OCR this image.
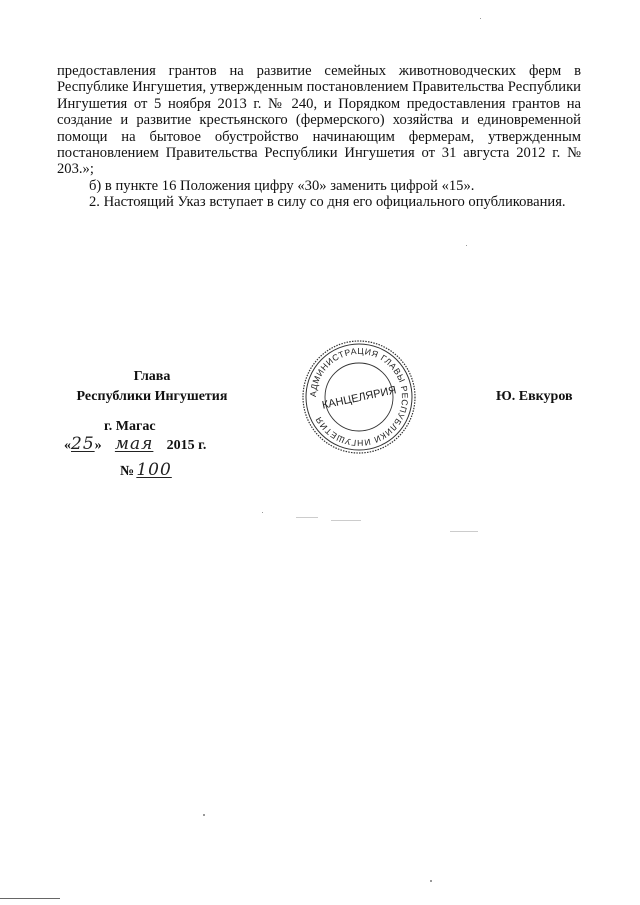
предоставления грантов на развитие семейных животноводческих ферм в Республике Ингушетия, утвержденным постановлением Правительства Республики Ингушетия от 5 ноября 2013 г. № 240, и Порядком предоставления грантов на создание и развитие крестьянского (фермерского) хозяйства и единовременной помощи на бытовое обустройство начинающим фермерам, утвержденным постановлением Правительства Республики Ингушетия от 31 августа 2012 г. № 203.»;

б) в пункте 16 Положения цифру «30» заменить цифрой «15».

2. Настоящий Указ вступает в силу со дня его официального опубликования.

Глава
Республики Ингушетия	Ю. Евкуров
АДМИНИСТРАЦИЯ ГЛАВЫ РЕСПУБЛИКИ ИНГУШЕТИЯ
КАНЦЕЛЯРИЯ
г. Магас
«25» мая 2015 г.
№ 100
